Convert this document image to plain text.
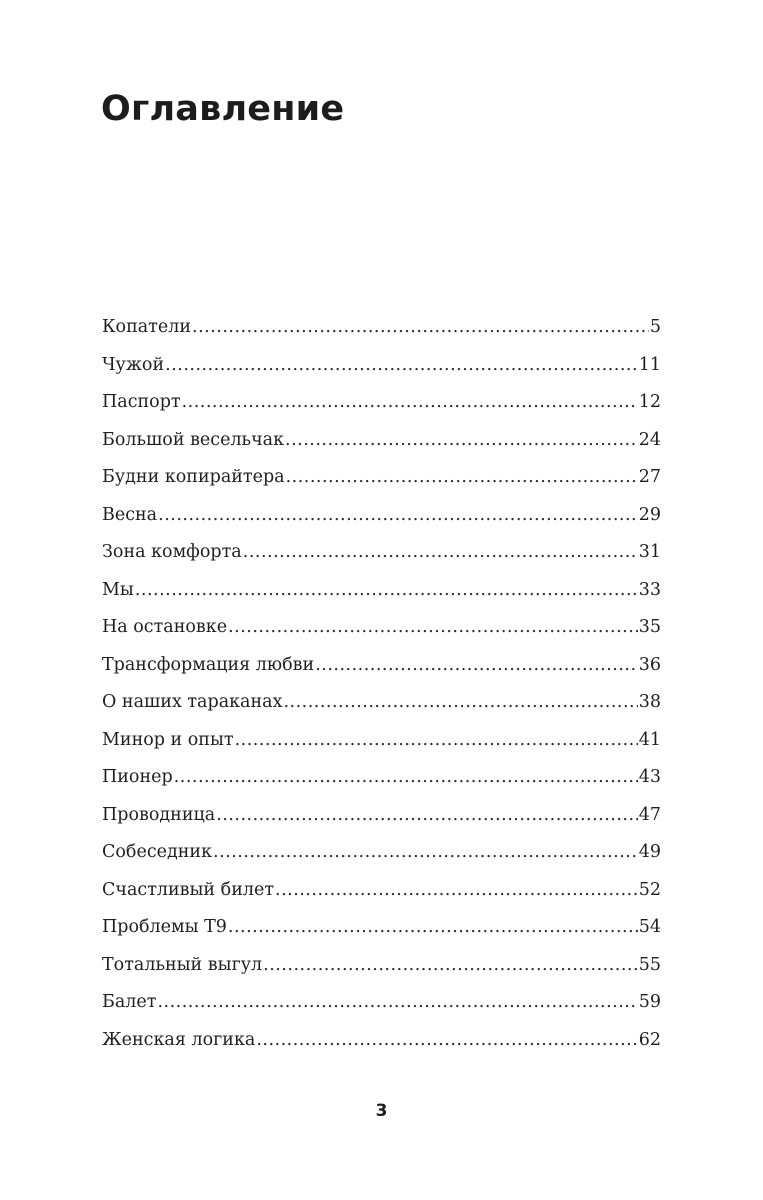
Оглавление
Копатели .....	5
Чужой .....	11
Паспорт .....	12
Большой весельчак .....	24
Будни копирайтера .....	27
Весна .....	29
Зона комфорта .....	31
Мы .....	33
На остановке .....	35
Трансформация любви .....	36
О наших тараканах .....	38
Минор и опыт .....	41
Пионер .....	43
Проводница .....	47
Собеседник .....	49
Счастливый билет .....	52
Проблемы Т9 .....	54
Тотальный выгул .....	55
Балет .....	59
Женская логика .....	62
3
